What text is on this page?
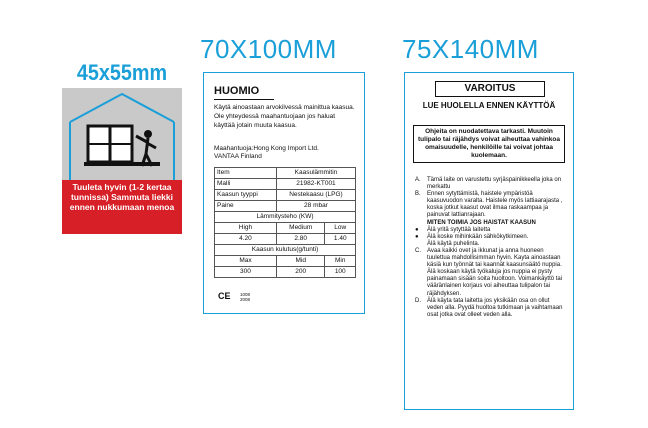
45x55mm
Tuuleta hyvin (1-2 kertaa tunnissa) Sammuta liekki ennen nukkumaan menoa
70X100MM
HUOMIO
Käytä ainoastaan arvokilvessä mainittua kaasua. Ole yhteydessä maahantuojaan jos haluat käyttää jotain muuta kaasua.
Maahantuoja:Hong Kong Import Ltd.
VANTAA Finland
Item	Kaasulämmitin	
Malli	21982-KT001	
Kaasun tyyppi	Nestekaasu (LPG)	
Paine	28 mbar	
Lämmitysteho (KW)		
High	Medium	Low
4.20	2.80	1.40
Kaasun kulutus(g/tunti)		
Max	Mid	Min
300	200	100
CE 1008
2008
75X140MM
VAROITUS
LUE HUOLELLA ENNEN KÄYTTÖÄ
Ohjeita on nuodatettava tarkasti. Muutoin tulipalo tai räjähdys voivat aiheuttaa vahinkoa omaisuudelle, henkilöille tai voivat johtaa kuolemaan.
A.	Tämä laite on varustettu syrjäspainikkeella joka on merkattu
B.	Ennen sytyttämistä, haistele ympäristöä kaasuvuodon varalta. Haistele myös lattiaarajasta , koska jotkut kaasut ovat ilmaa raskaampaa ja painuvat lattianrajaan.
MITEN TOIMIA JOS HAISTAT KAASUN
●	Älä yritä sytyttää laitetta
●	Älä koske mihinkään sähkökytkimeen.
Älä käytä puhelinta.
C.	Avaa kaikki ovet ja ikkunat ja anna huoneen tuulettua mahdollisimman hyvin. Kayta ainoastaan käsiä kun työnnät tai kaannät kaasunsäätö nuppia. Älä koskaan käytä työkaluja jos nuppia ei pysty painamaan sisään soita huoltoon. Voimankäyttö tai vääränlainen korjaus voi aiheuttaa tulipalon tai räjähdyksen.
D.	Älä käyta tata laitetta jos yksikään osa on ollut veden alla. Pyydä huoltoa tutkimaan ja vaihtamaan osat jotka ovat olleet veden alla.
